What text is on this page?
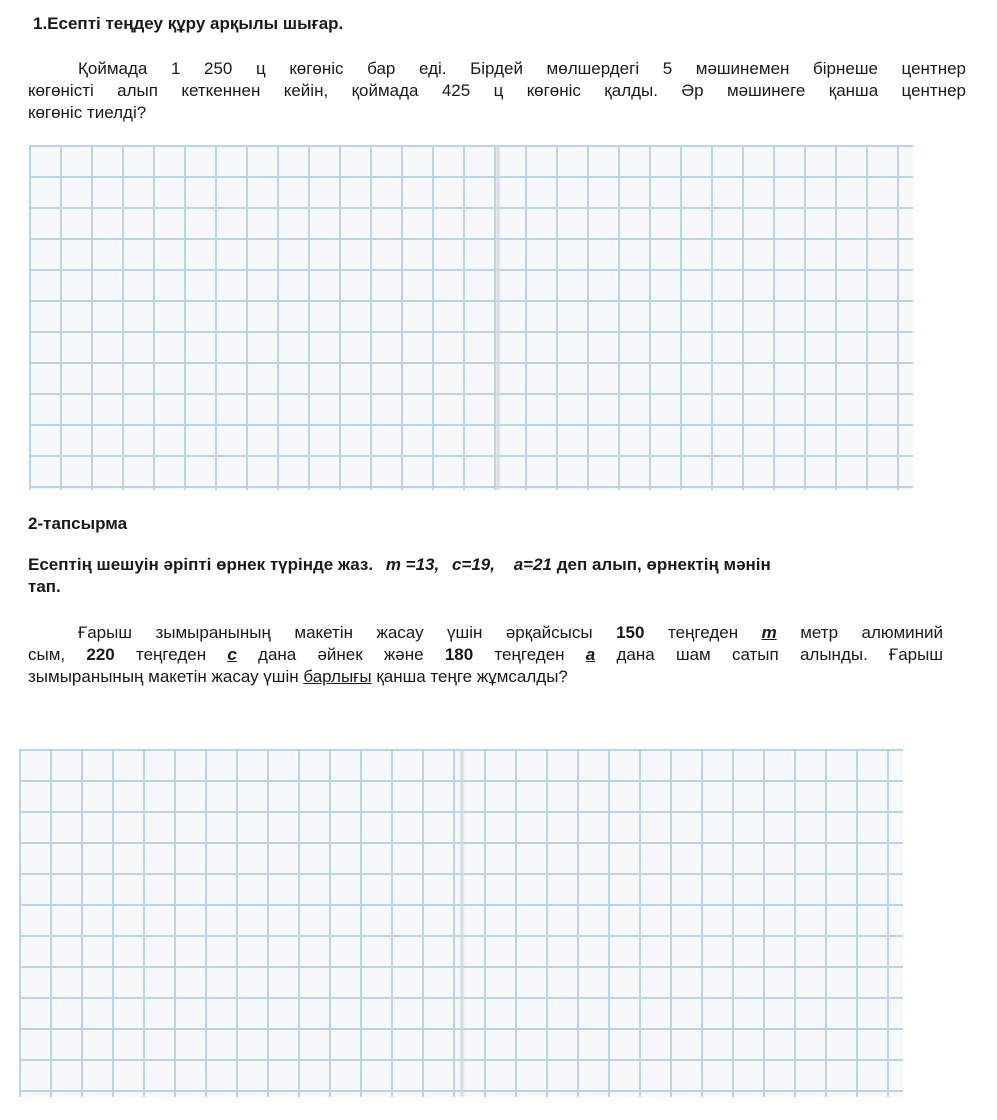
1.Есепті теңдеу құру арқылы шығар.
Қоймада 1 250 ц көгөніс бар еді. Бірдей мөлшердегі 5 мәшинемен бірнеше центнер
көгөністі алып кеткеннен кейін, қоймада 425 ц көгөніс қалды. Әр мәшинеге қанша центнер
көгөніс тиелді?
2-тапсырма
Есептің шешуін әріпті өрнек түрінде жаз. m =13, c=19, a=21 деп алып, өрнектің мәнін
тап.
Ғарыш зымыранының макетін жасау үшін әрқайсысы 150 теңгеден m метр алюминий
сым, 220 теңгеден с дана әйнек және 180 теңгеден а дана шам сатып алынды. Ғарыш
зымыранының макетін жасау үшін барлығы қанша теңге жұмсалды?
